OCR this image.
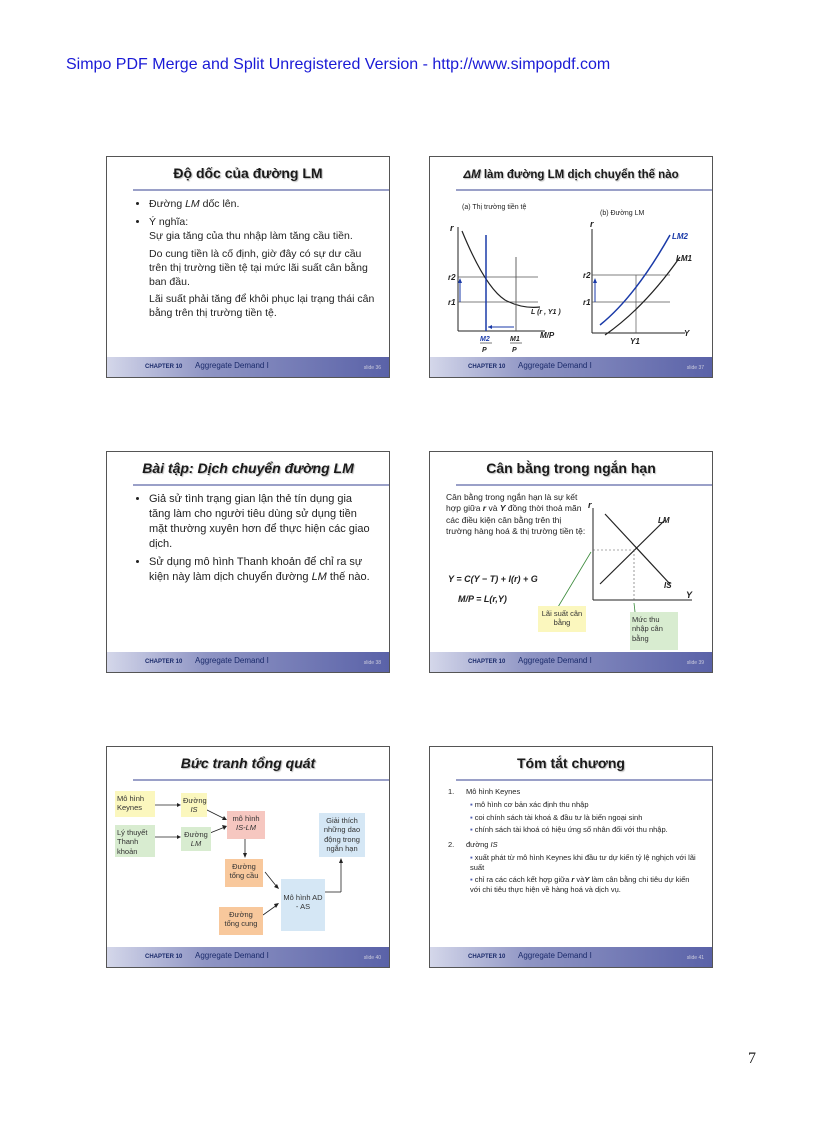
Simpo PDF Merge and Split Unregistered Version - http://www.simpopdf.com
Độ dốc của đường LM
• Đường LM dốc lên.
• Ý nghĩa:
Sự gia tăng của thu nhập làm tăng cầu tiền.
Do cung tiền là cố định, giờ đây có sự dư cầu trên thị trường tiền tệ tại mức lãi suất cân bằng ban đầu.
Lãi suất phải tăng để khôi phục lại trạng thái cân bằng trên thị trường tiền tệ.
CHAPTER 10 Aggregate Demand I	slide 36
ΔM làm đường LM dịch chuyển thế nào
(a) Thị trường tiền tệ
(b) Đường LM
r
r2
r1
L (r , Y1 )
M2
P
M1
P
M/P
r
r2
r1
LM2
LM1
Y1
Y
CHAPTER 10 Aggregate Demand I	slide 37
Bài tập: Dịch chuyển đường LM
• Giả sử tình trạng gian lận thẻ tín dụng gia tăng làm cho người tiêu dùng sử dụng tiền mặt thường xuyên hơn để thực hiện các giao dịch.
• Sử dụng mô hình Thanh khoản để chỉ ra sự kiện này làm dịch chuyển đường LM thế nào.
CHAPTER 10 Aggregate Demand I	slide 38
Cân bằng trong ngắn hạn
Cân bằng trong ngắn hạn là sự kết hợp giữa r và Y đồng thời thoả mãn các điều kiện cân bằng trên thị trường hàng hoá & thị trường tiền tệ:
Y = C(Y − T) + I(r) + G
M/P = L(r,Y)
r
Y
LM
IS
Lãi suất cân bằng	Mức thu nhập cân bằng
CHAPTER 10 Aggregate Demand I	slide 39
Bức tranh tổng quát
Mô hình Keynes
Đường
IS
mô hình
IS-LM
Lý thuyết Thanh khoản
Đường
LM
Giải thích những dao động trong ngắn hạn
Đường tổng cầu
Mô hình AD - AS
Đường tổng cung
CHAPTER 10 Aggregate Demand I	slide 40
Tóm tắt chương
1. Mô hình Keynes
▪ mô hình cơ bản xác định thu nhập
▪ coi chính sách tài khoá & đầu tư là biến ngoại sinh
▪ chính sách tài khoá có hiệu ứng số nhân đối với thu nhập.
2. đường IS
▪ xuất phát từ mô hình Keynes khi đầu tư dự kiến tỷ lệ nghịch với lãi suất
▪ chỉ ra các cách kết hợp giữa r vàY làm cân bằng chi tiêu dự kiến với chi tiêu thực hiện về hàng hoá và dịch vụ.
CHAPTER 10 Aggregate Demand I	slide 41
7
